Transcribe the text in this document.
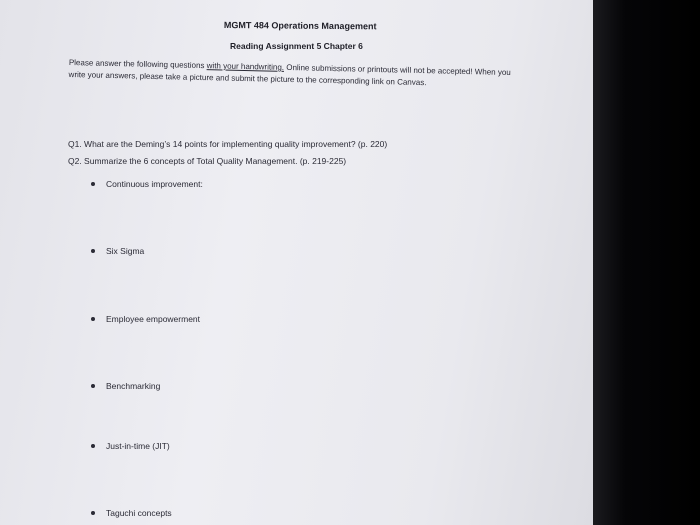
MGMT 484 Operations Management
Reading Assignment 5 Chapter 6
Please answer the following questions with your handwriting. Online submissions or printouts will not be accepted! When you write your answers, please take a picture and submit the picture to the corresponding link on Canvas.
Q1. What are the Deming’s 14 points for implementing quality improvement? (p. 220)
Q2. Summarize the 6 concepts of Total Quality Management. (p. 219-225)
Continuous improvement:
Six Sigma
Employee empowerment
Benchmarking
Just-in-time (JIT)
Taguchi concepts
